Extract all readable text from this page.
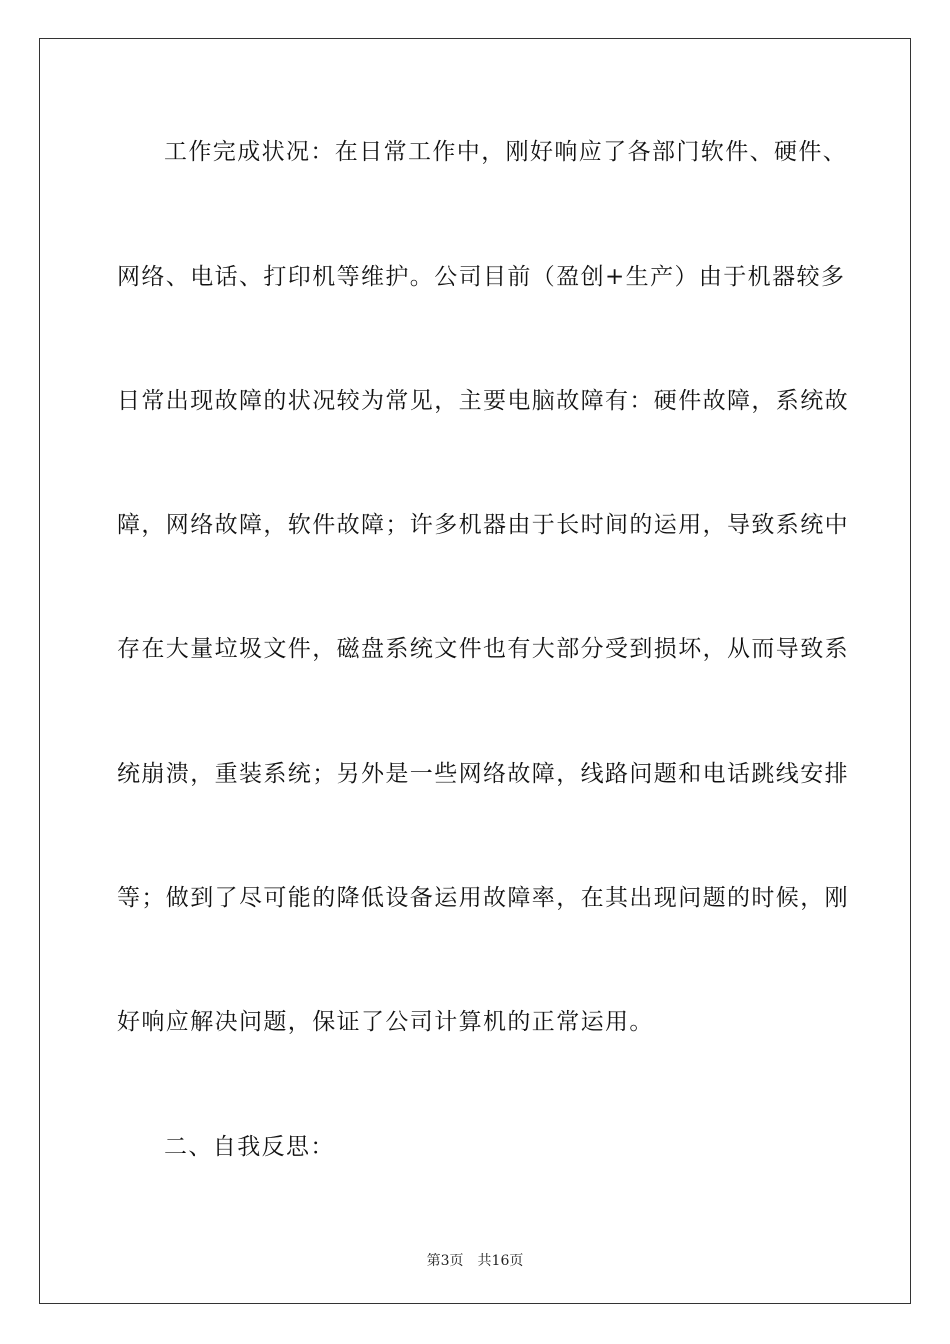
工作完成状况：在日常工作中，刚好响应了各部门软件、硬件、
网络、电话、打印机等维护。公司目前（盈创+生产）由于机器较多
日常出现故障的状况较为常见，主要电脑故障有：硬件故障，系统故
障，网络故障，软件故障；许多机器由于长时间的运用，导致系统中
存在大量垃圾文件，磁盘系统文件也有大部分受到损坏，从而导致系
统崩溃，重装系统；另外是一些网络故障，线路问题和电话跳线安排
等；做到了尽可能的降低设备运用故障率，在其出现问题的时候，刚
好响应解决问题，保证了公司计算机的正常运用。
二、自我反思：
第3页 共16页
